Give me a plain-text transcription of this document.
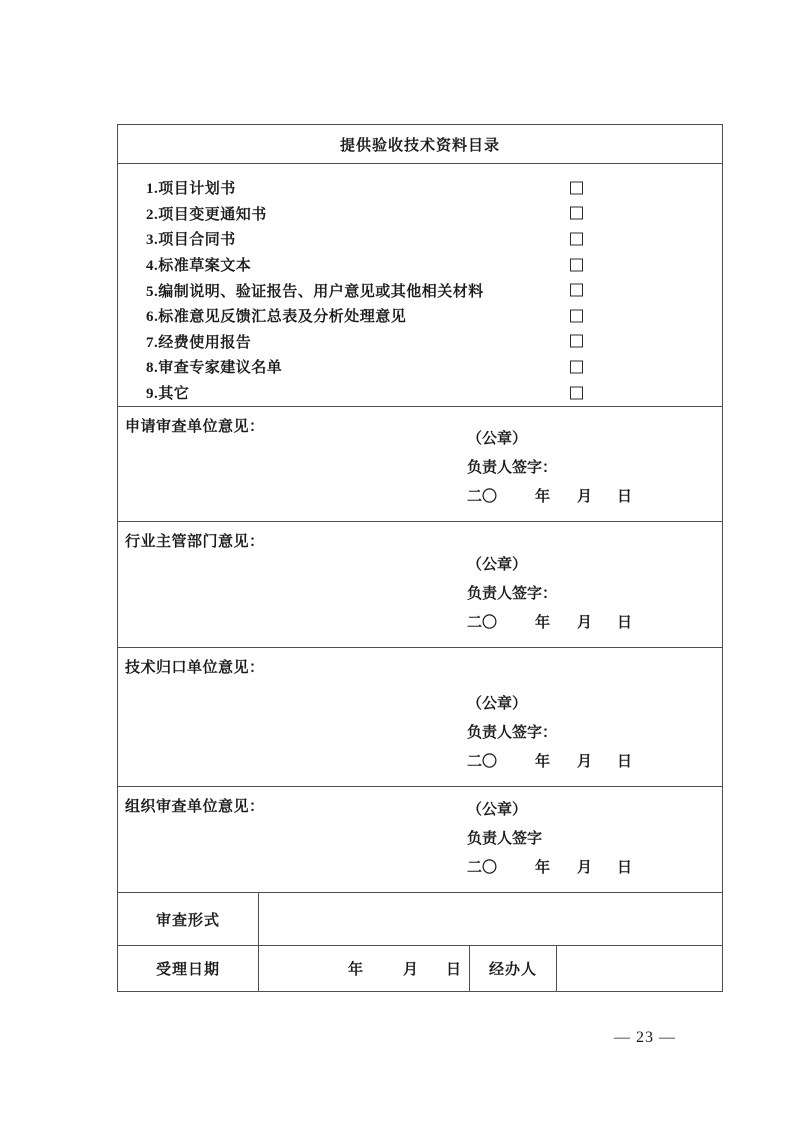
提供验收技术资料目录
1.项目计划书
2.项目变更通知书
3.项目合同书
4.标准草案文本
5.编制说明、验证报告、用户意见或其他相关材料
6.标准意见反馈汇总表及分析处理意见
7.经费使用报告
8.审查专家建议名单
9.其它
申请审查单位意见：
（公章）
负责人签字：
二〇	年 月 日
行业主管部门意见：
（公章）
负责人签字：
二〇	年 月 日
技术归口单位意见：
（公章）
负责人签字：
二〇	年 月 日
组织审查单位意见：	（公章）
负责人签字
二〇	年 月 日
审查形式
受理日期	年	月 日 经办人
— 23 —
